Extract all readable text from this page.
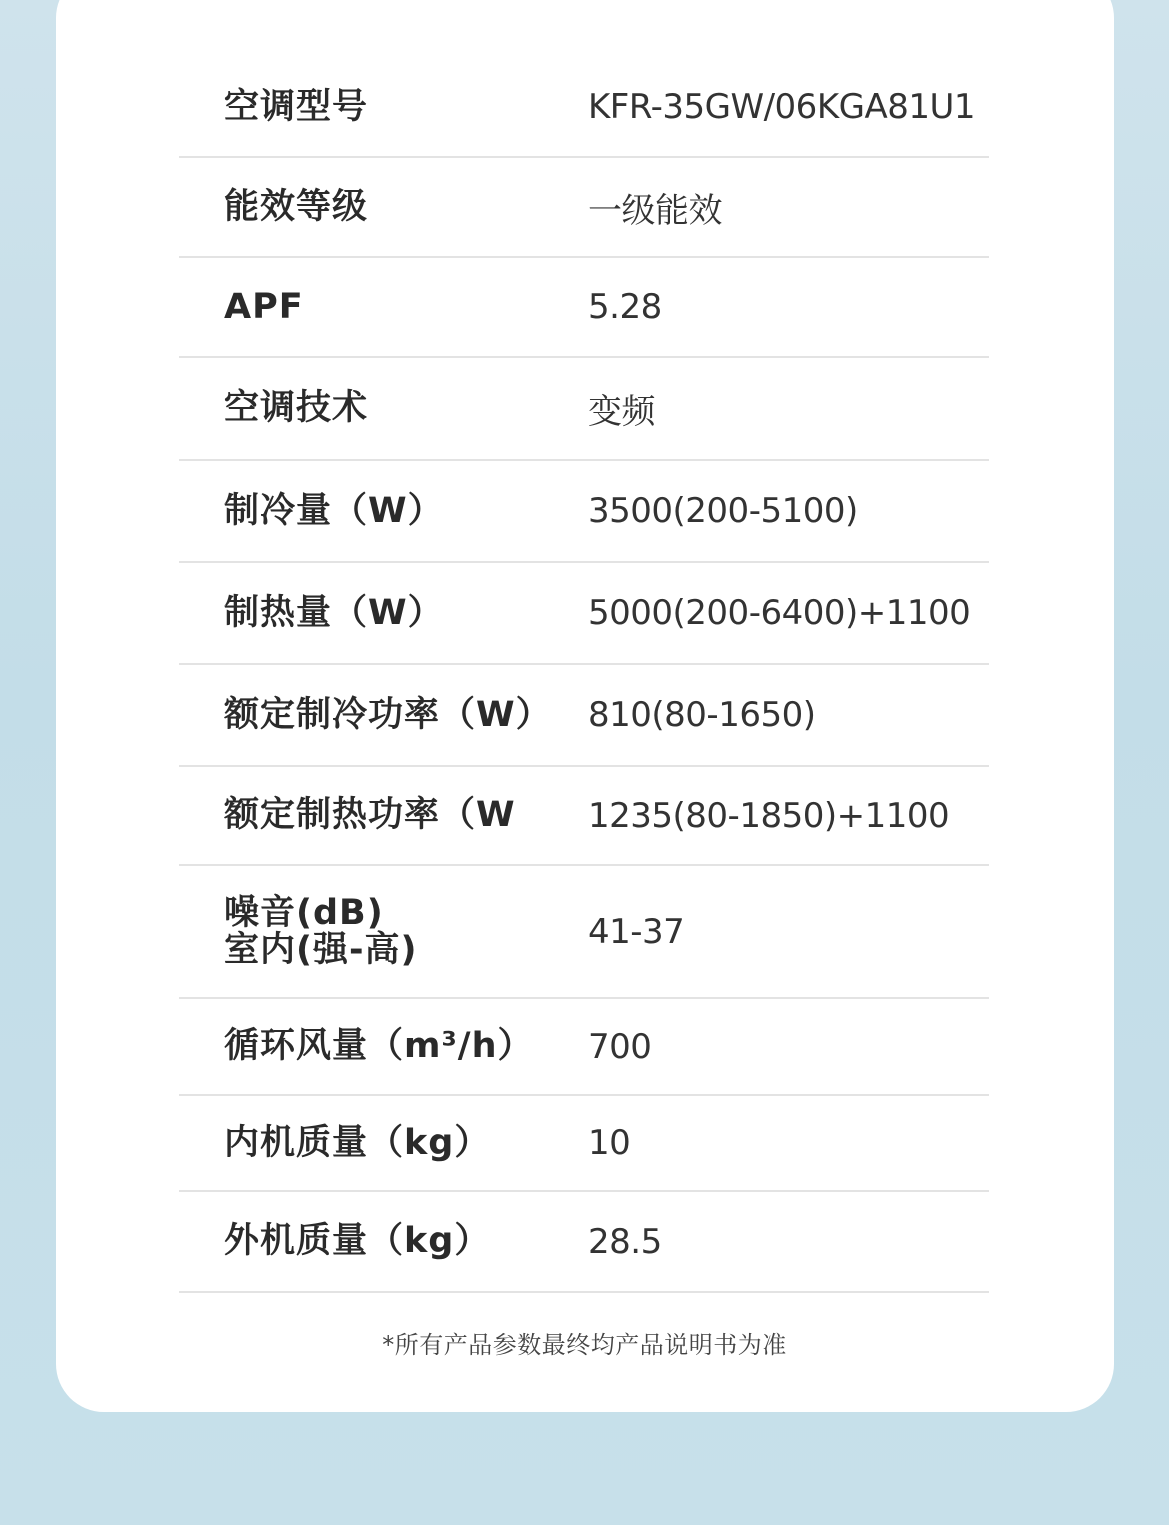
空调型号	KFR-35GW/06KGA81U1
能效等级	一级能效
APF	5.28
空调技术	变频
制冷量（W）	3500(200-5100)
制热量（W）	5000(200-6400)+1100
额定制冷功率（W） 810(80-1650)
额定制热功率（W 1235(80-1850)+1100
噪音(dB)
室内(强-高)	41-37
循环风量（m³/h） 700
内机质量（kg）	10
外机质量（kg）	28.5
*所有产品参数最终均产品说明书为准
